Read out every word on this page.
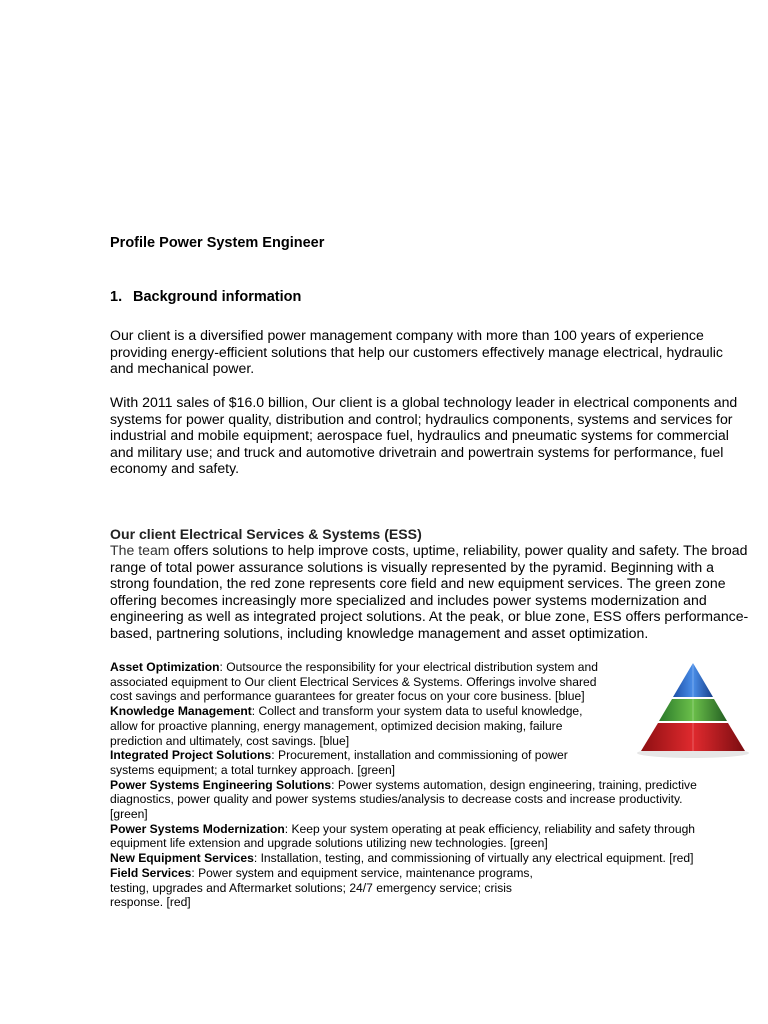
Profile Power System Engineer
1. Background information

Our client is a diversified power management company with more than 100 years of experience providing energy-efficient solutions that help our customers effectively manage electrical, hydraulic and mechanical power.

With 2011 sales of $16.0 billion, Our client is a global technology leader in electrical components and systems for power quality, distribution and control; hydraulics components, systems and services for industrial and mobile equipment; aerospace fuel, hydraulics and pneumatic systems for commercial and military use; and truck and automotive drivetrain and powertrain systems for performance, fuel economy and safety.

Our client Electrical Services & Systems (ESS)

The team offers solutions to help improve costs, uptime, reliability, power quality and safety. The broad range of total power assurance solutions is visually represented by the pyramid. Beginning with a strong foundation, the red zone represents core field and new equipment services. The green zone offering becomes increasingly more specialized and includes power systems modernization and engineering as well as integrated project solutions. At the peak, or blue zone, ESS offers performance-based, partnering solutions, including knowledge management and asset optimization.

Asset Optimization: Outsource the responsibility for your electrical distribution system and
associated equipment to Our client Electrical Services & Systems. Offerings involve shared
cost savings and performance guarantees for greater focus on your core business. [blue]
Knowledge Management: Collect and transform your system data to useful knowledge,
allow for proactive planning, energy management, optimized decision making, failure
prediction and ultimately, cost savings. [blue]
Integrated Project Solutions: Procurement, installation and commissioning of power
systems equipment; a total turnkey approach. [green]
Power Systems Engineering Solutions: Power systems automation, design engineering, training, predictive
diagnostics, power quality and power systems studies/analysis to decrease costs and increase productivity.
[green]
Power Systems Modernization: Keep your system operating at peak efficiency, reliability and safety through
equipment life extension and upgrade solutions utilizing new technologies. [green]
New Equipment Services: Installation, testing, and commissioning of virtually any electrical equipment. [red]
Field Services: Power system and equipment service, maintenance programs,
testing, upgrades and Aftermarket solutions; 24/7 emergency service; crisis
response. [red]
